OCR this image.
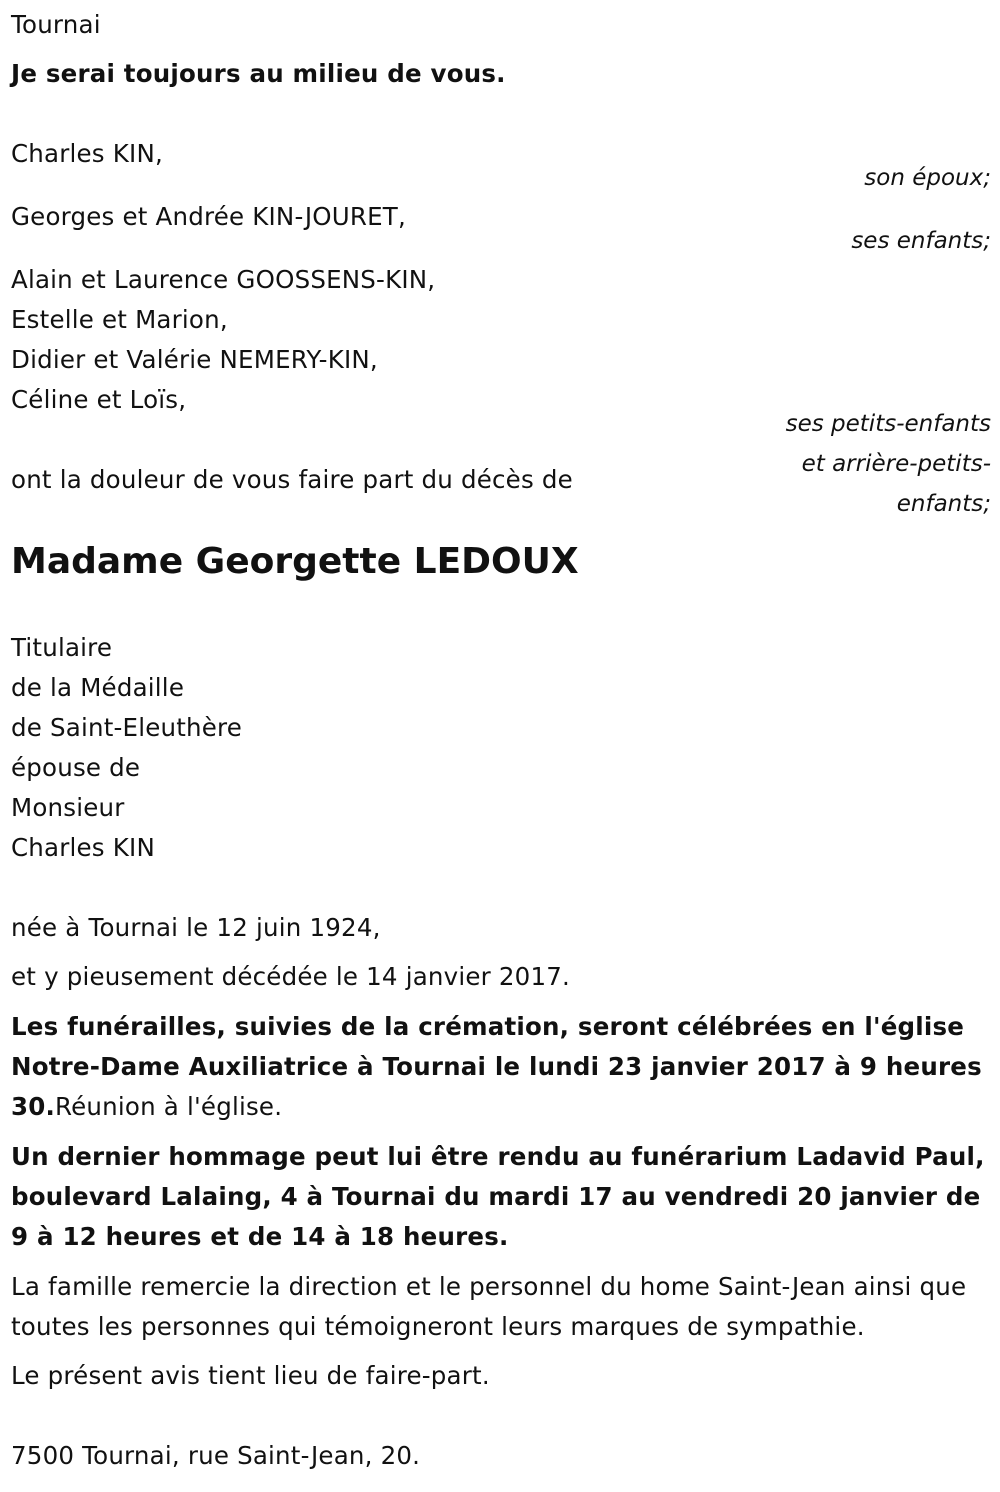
Tournai
Je serai toujours au milieu de vous.
Charles KIN,
son époux;
Georges et Andrée KIN-JOURET,
ses enfants;
Alain et Laurence GOOSSENS-KIN,
Estelle et Marion,
Didier et Valérie NEMERY-KIN,
Céline et Loïs,
ses petits-enfants
et arrière-petits-
enfants;
ont la douleur de vous faire part du décès de
Madame Georgette LEDOUX
Titulaire
de la Médaille
de Saint-Eleuthère
épouse de
Monsieur
Charles KIN
née à Tournai le 12 juin 1924,
et y pieusement décédée le 14 janvier 2017.
Les funérailles, suivies de la crémation, seront célébrées en l'église Notre-Dame Auxiliatrice à Tournai le lundi 23 janvier 2017 à 9 heures 30.Réunion à l'église.
Un dernier hommage peut lui être rendu au funérarium Ladavid Paul, boulevard Lalaing, 4 à Tournai du mardi 17 au vendredi 20 janvier de 9 à 12 heures et de 14 à 18 heures.
La famille remercie la direction et le personnel du home Saint-Jean ainsi que toutes les personnes qui témoigneront leurs marques de sympathie.
Le présent avis tient lieu de faire-part.
7500 Tournai, rue Saint-Jean, 20.
